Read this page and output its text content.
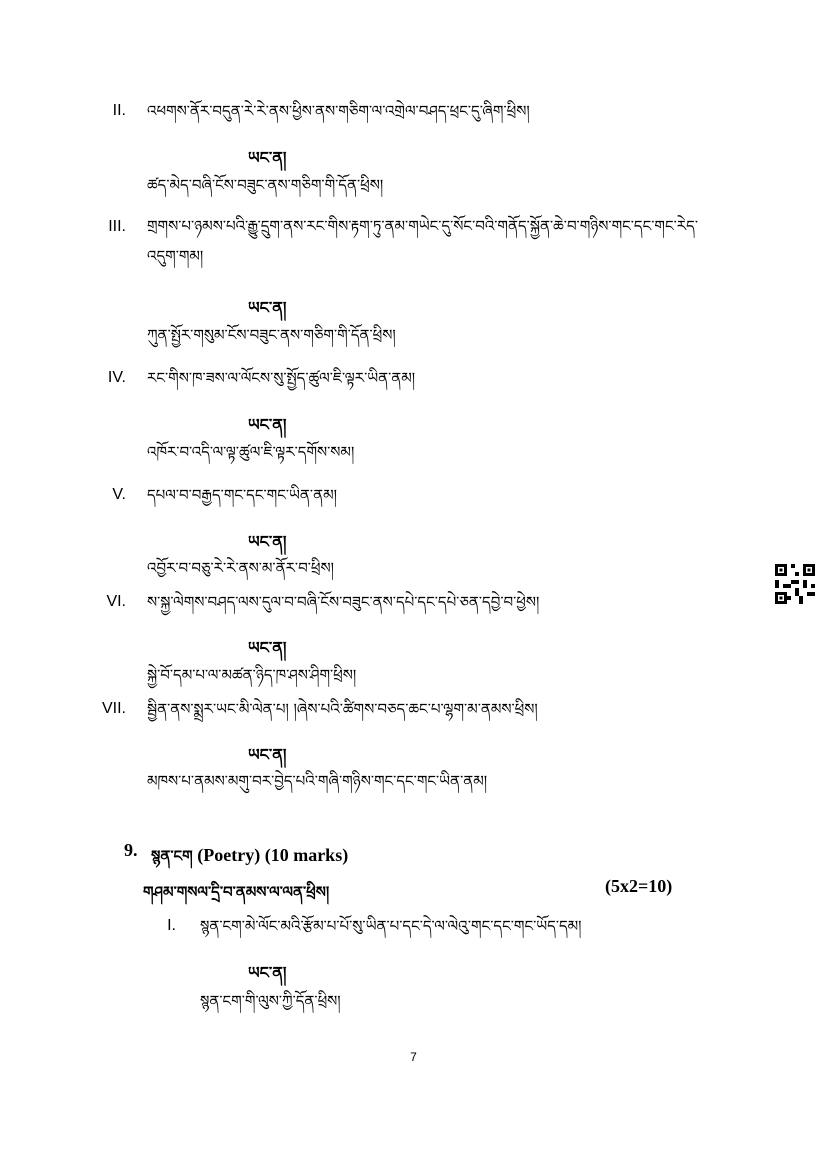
II. འཕགས་ནོར་བདུན་རེ་རེ་ནས་ཕྱིས་ནས་གཅིག་ལ་འགྲེལ་བཤད་ཕྲང་དུ་ཞིག་ཕྲིས།
ཡང་ན།
ཚད་མེད་བཞི་ངོས་བཟུང་ནས་གཅིག་གི་དོན་ཕྲིས།
III. གྲགས་པ་ཉམས་པའི་རྒྱུ་དྲུག་ནས་རང་གིས་རྟག་ཏུ་ནམ་གཡེང་དུ་སོང་བའི་གནོད་སྐྱོན་ཆེ་བ་གཉིས་གང་དང་གང་རེད་འདུག་གམ།
ཡང་ན།
ཀུན་སྤྱོར་གསུམ་ངོས་བཟུང་ནས་གཅིག་གི་དོན་ཕྲིས།
IV. རང་གིས་ཁ་ཟས་ལ་ལོངས་སུ་སྤྱོད་ཚུལ་ཇི་ལྟར་ཡིན་ནམ།
ཡང་ན།
འཁོར་བ་འདི་ལ་ལྟ་ཚུལ་ཇི་ལྟར་དགོས་སམ།
V. དཔལ་བ་བརྒྱད་གང་དང་གང་ཡིན་ནམ།
ཡང་ན།
འབྱོར་བ་བཅུ་རེ་རེ་ནས་མ་ནོར་བ་ཕྲིས།
VI. ས་སྐྱ་ལེགས་བཤད་ལས་དུལ་བ་བཞི་ངོས་བཟུང་ནས་དཔེ་དང་དཔེ་ཅན་དབྱེ་བ་ཕྱེས།
ཡང་ན།
སྐྱེ་བོ་དམ་པ་ལ་མཚན་ཉིད་ཁ་ཤས་ཤིག་ཕྲིས།
VII. སྦྱིན་ནས་སྨྲར་ཡང་མི་ལེན་པ། །ཞེས་པའི་ཚིགས་བཅད་ཆང་པ་ལྷག་མ་ནམས་ཕྲིས།
ཡང་ན།
མཁས་པ་ནམས་མགུ་བར་བྱེད་པའི་གཞི་གཉིས་གང་དང་གང་ཡིན་ནམ།
9. སྙན་ངག (Poetry) (10 marks)
གཤམ་གསལ་དྲི་བ་ནམས་ལ་ལན་ཕྲིས།	(5x2=10)
I. སྙན་ངག་མེ་ལོང་མའི་རྩོམ་པ་པོ་སུ་ཡིན་པ་དང་དེ་ལ་ལེའུ་གང་དང་གང་ཡོད་དམ།
ཡང་ན།
སྙན་ངག་གི་ལུས་ཀྱི་དོན་ཕྲིས།
7
